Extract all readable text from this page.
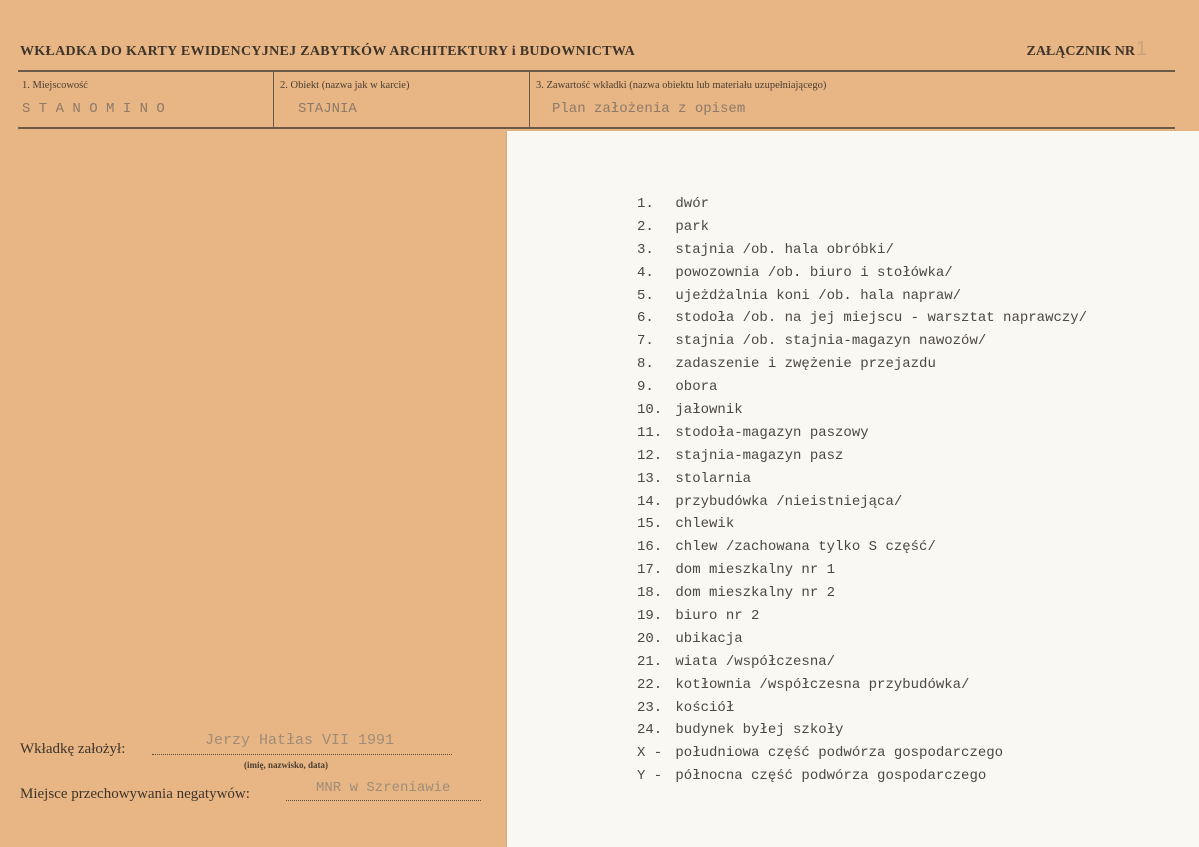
WKŁADKA DO KARTY EWIDENCYJNEJ ZABYTKÓW ARCHITEKTURY i BUDOWNICTWA	ZAŁĄCZNIK NR 1
1. Miejscowość
S T A N O M I N O
2. Obiekt (nazwa jak w karcie)
STAJNIA
3. Zawartość wkładki (nazwa obiektu lub materiału uzupełniającego)
Plan założenia z opisem
1. dwór
2. park
3. stajnia /ob. hala obróbki/
4. powozownia /ob. biuro i stołówka/
5. ujeżdżalnia koni /ob. hala napraw/
6. stodoła /ob. na jej miejscu - warsztat naprawczy/
7. stajnia /ob. stajnia-magazyn nawozów/
8. zadaszenie i zwężenie przejazdu
9. obora
10. jałownik
11. stodoła-magazyn paszowy
12. stajnia-magazyn pasz
13. stolarnia
14. przybudówka /nieistniejąca/
15. chlewik
16. chlew /zachowana tylko S część/
17. dom mieszkalny nr 1
18. dom mieszkalny nr 2
19. biuro nr 2
20. ubikacja
21. wiata /współczesna/
22. kotłownia /współczesna przybudówka/
23. kościół
24. budynek byłej szkoły
X - południowa część podwórza gospodarczego
Y - północna część podwórza gospodarczego
Wkładkę założył:	Jerzy Hatłas VII 1991
(imię, nazwisko, data)
Miejsce przechowywania negatywów:	MNR w Szreniawie
